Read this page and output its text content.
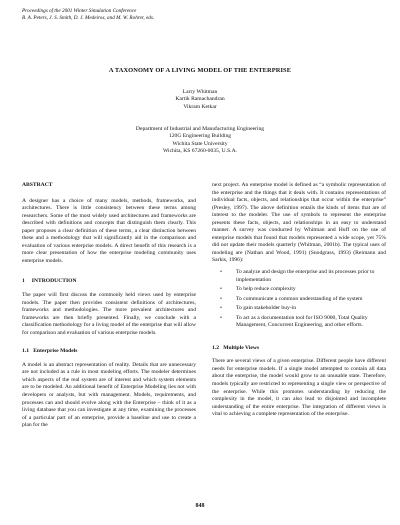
Proceedings of the 2001 Winter Simulation Conference
B. A. Peters, J. S. Smith, D. J. Medeiros, and M. W. Rohrer, eds.
A TAXONOMY OF A LIVING MODEL OF THE ENTERPRISE
Larry Whitman
Kartik Ramachandran
Vikram Ketkar
Department of Industrial and Manufacturing Engineering
120G Engineering Building
Wichita State University
Wichita, KS 67260-0035, U.S.A.

ABSTRACT

A designer has a choice of many models, methods, frameworks, and architectures. There is little consistency between these terms among researchers. Some of the most widely used architectures and frameworks are described with definitions and concepts that distinguish them clearly. This paper proposes a clear definition of these terms, a clear distinction between these and a methodology that will significantly aid in the comparison and evaluation of various enterprise models. A direct benefit of this research is a more clear presentation of how the enterprise modeling community uses enterprise models.

1     INTRODUCTION

The paper will first discuss the commonly held views used by enterprise models. The paper then provides consistent definitions of architectures, frameworks and methodologies. The more prevalent architectures and frameworks are then briefly presented. Finally, we conclude with a classification methodology for a living model of the enterprise that will allow for comparison and evaluation of various enterprise models.

1.1   Enterprise Models

A model is an abstract representation of reality. Details that are unnecessary are not included as a rule in most modeling efforts. The modeler determines which aspects of the real system are of interest and which system elements are to be modeled. An additional benefit of Enterprise Modeling lies not with developers or analysts, but with management. Models, requirements, and processes can and should evolve along with the Enterprise – think of it as a living database that you can investigate at any time, examining the processes of a particular part of an enterprise, provide a baseline and use to create a plan for the

next project. An enterprise model is defined as “a symbolic representation of the enterprise and the things that it deals with. It contains representations of individual facts, objects, and relationships that occur within the enterprise” (Presley, 1997). The above definition entails the kinds of items that are of interest to the modeler. The use of symbols to represent the enterprise presents these facts, objects, and relationships in an easy to understand manner. A survey was conducted by Whitman and Huff on the use of enterprise models that found that models represented a wide scope, yet 75% did not update their models quarterly (Whitman, 2001b). The typical uses of modeling are (Nathan and Wood, 1991) (Snodgrass, 1993) (Reimann and Sarkis, 1996):

•	To analyze and design the enterprise and its processes prior to implementation
•	To help reduce complexity
•	To communicate a common understanding of the system
•	To gain stakeholder buy-in
•	To act as a documentation tool for ISO 9000, Total Quality Management, Concurrent Engineering, and other efforts.

1.2   Multiple Views

There are several views of a given enterprise. Different people have different needs for enterprise models. If a single model attempted to contain all data about the enterprise, the model would grow to an unusable state. Therefore, models typically are restricted to representing a single view or perspective of the enterprise. While this promotes understanding by reducing the complexity in the model, it can also lead to disjointed and incomplete understanding of the entire enterprise. The integration of different views is vital to achieving a complete representation of the enterprise.

848
